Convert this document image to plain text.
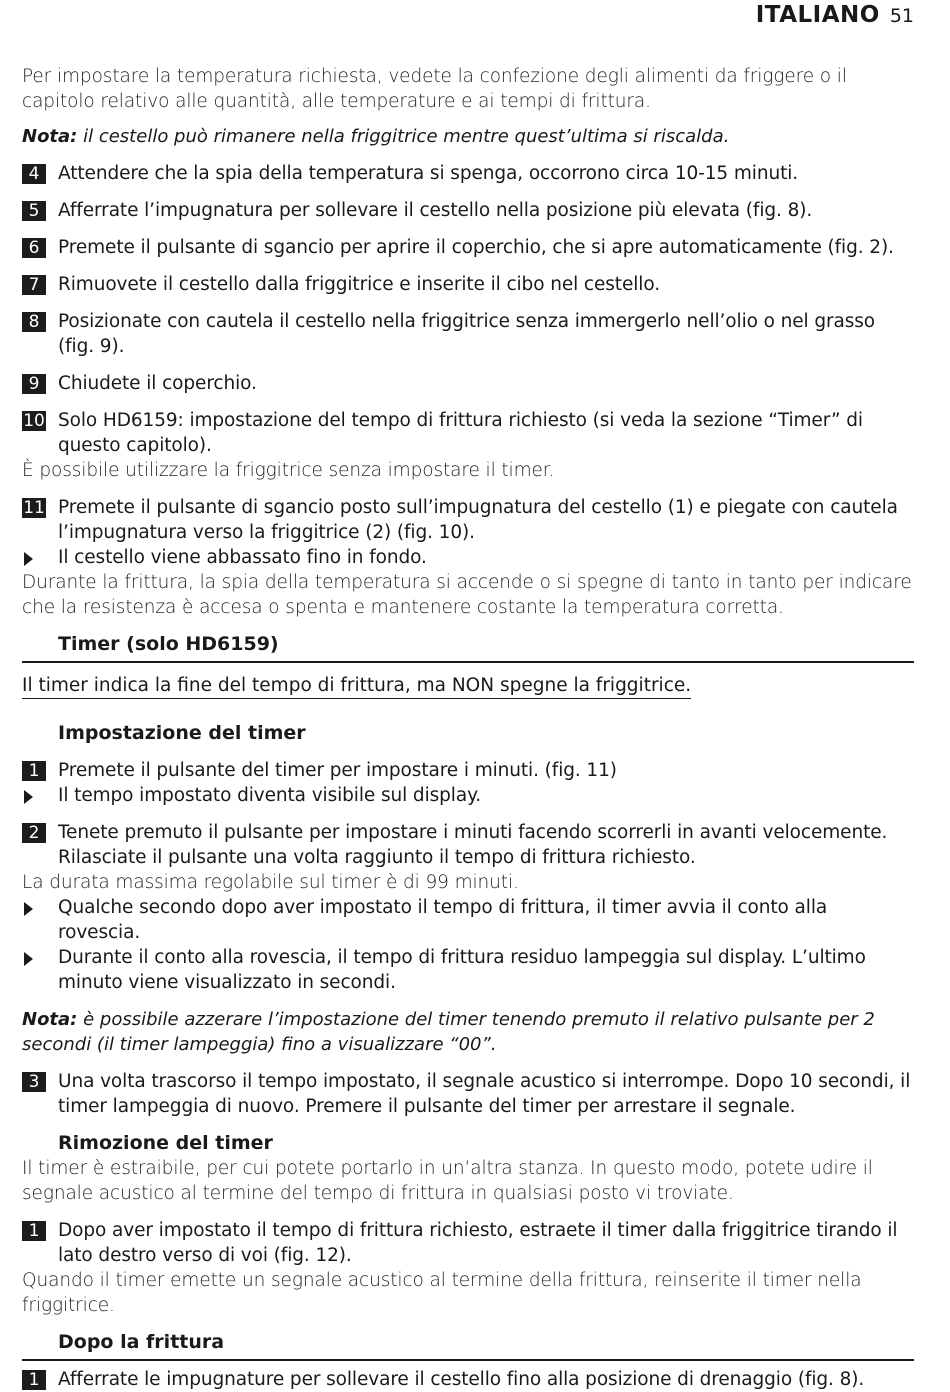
ITALIANO 51

Per impostare la temperatura richiesta, vedete la confezione degli alimenti da friggere o il capitolo relativo alle quantità, alle temperature e ai tempi di frittura.

Nota: il cestello può rimanere nella friggitrice mentre quest’ultima si riscalda.

4	Attendere che la spia della temperatura si spenga, occorrono circa 10-15 minuti.
5	Afferrate l’impugnatura per sollevare il cestello nella posizione più elevata (fig. 8).
6	Premete il pulsante di sgancio per aprire il coperchio, che si apre automaticamente (fig. 2).
7	Rimuovete il cestello dalla friggitrice e inserite il cibo nel cestello.
8	Posizionate con cautela il cestello nella friggitrice senza immergerlo nell’olio o nel grasso (fig. 9).
9	Chiudete il coperchio.
10 Solo HD6159: impostazione del tempo di frittura richiesto (si veda la sezione “Timer” di questo capitolo).

È possibile utilizzare la friggitrice senza impostare il timer.

11 Premete il pulsante di sgancio posto sull’impugnatura del cestello (1) e piegate con cautela l’impugnatura verso la friggitrice (2) (fig. 10).
Il cestello viene abbassato fino in fondo.

Durante la frittura, la spia della temperatura si accende o si spegne di tanto in tanto per indicare che la resistenza è accesa o spenta e mantenere costante la temperatura corretta.

Timer (solo HD6159)
Il timer indica la fine del tempo di frittura, ma NON spegne la friggitrice.
Impostazione del timer
1	Premete il pulsante del timer per impostare i minuti. (fig. 11)
Il tempo impostato diventa visibile sul display.
2	Tenete premuto il pulsante per impostare i minuti facendo scorrerli in avanti velocemente. Rilasciate il pulsante una volta raggiunto il tempo di frittura richiesto.

La durata massima regolabile sul timer è di 99 minuti.

Qualche secondo dopo aver impostato il tempo di frittura, il timer avvia il conto alla rovescia.
Durante il conto alla rovescia, il tempo di frittura residuo lampeggia sul display. L’ultimo minuto viene visualizzato in secondi.

Nota: è possibile azzerare l’impostazione del timer tenendo premuto il relativo pulsante per 2 secondi (il timer lampeggia) fino a visualizzare “00”.

3	Una volta trascorso il tempo impostato, il segnale acustico si interrompe. Dopo 10 secondi, il timer lampeggia di nuovo. Premere il pulsante del timer per arrestare il segnale.
Rimozione del timer

Il timer è estraibile, per cui potete portarlo in un’altra stanza. In questo modo, potete udire il segnale acustico al termine del tempo di frittura in qualsiasi posto vi troviate.

1	Dopo aver impostato il tempo di frittura richiesto, estraete il timer dalla friggitrice tirando il lato destro verso di voi (fig. 12).

Quando il timer emette un segnale acustico al termine della frittura, reinserite il timer nella friggitrice.

Dopo la frittura
1	Afferrate le impugnature per sollevare il cestello fino alla posizione di drenaggio (fig. 8).
